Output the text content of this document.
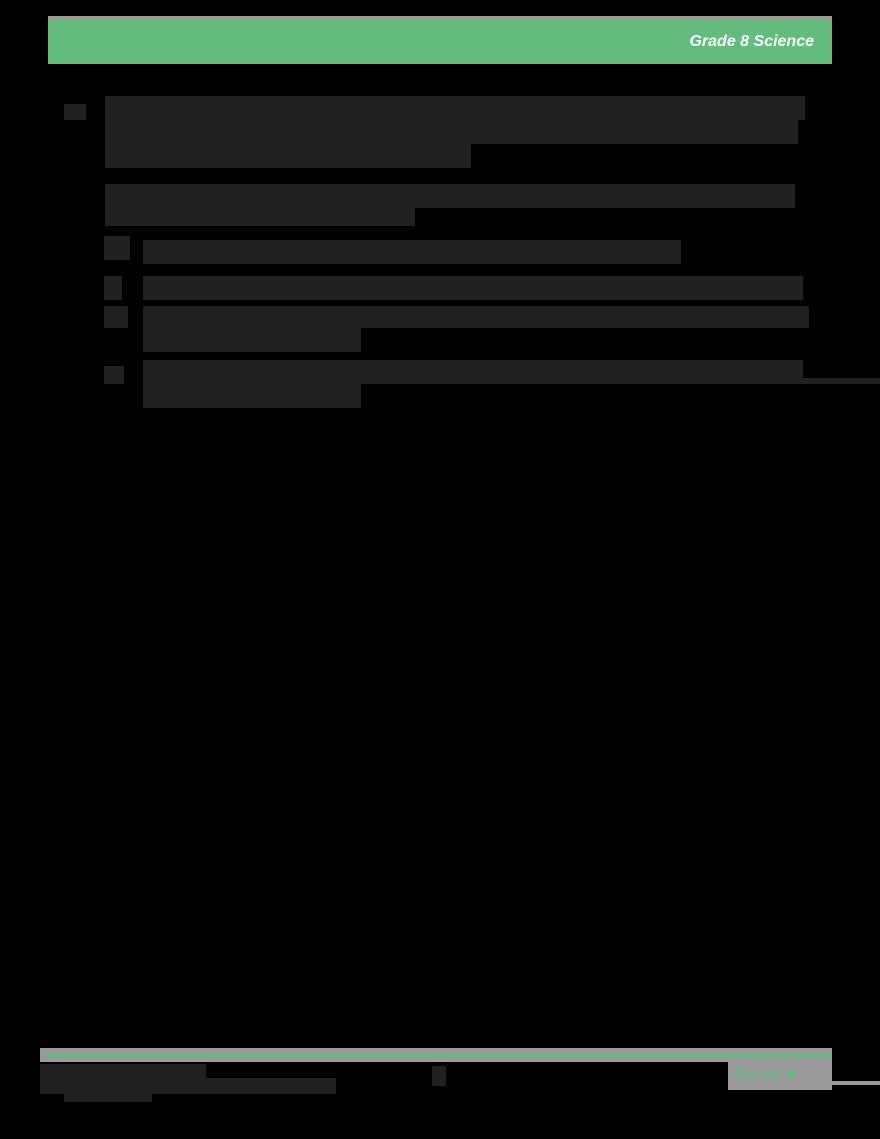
Grade 8 Science
Go on ➤
